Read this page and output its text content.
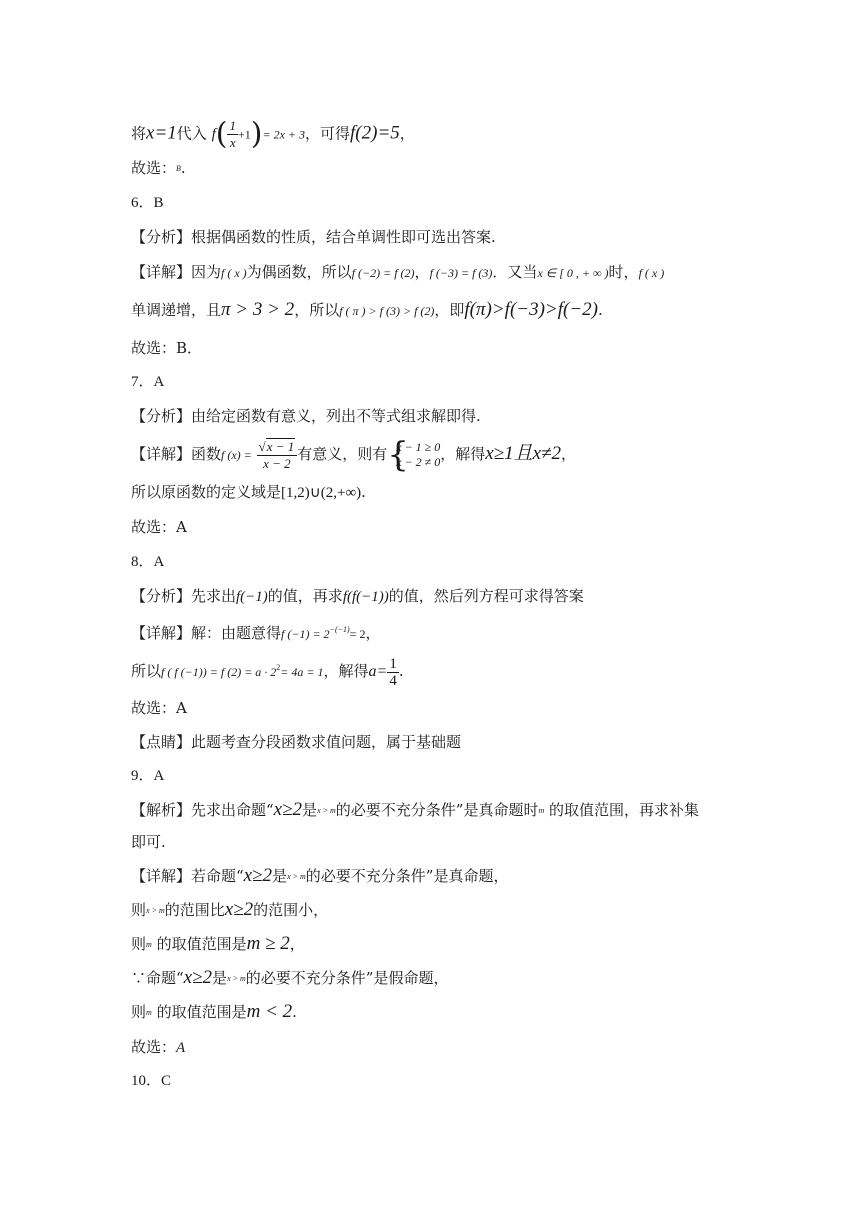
将x=1代入 $f( \frac{1}{x} +1)= 2x + 3$，可得f(2)=5，
故选：B.
6．B
【分析】根据偶函数的性质，结合单调性即可选出答案.
【详解】因为f ( x )为偶函数，所以f (−2) = f (2)，f (−3) = f (3)．又当x ∈ [ 0 , + ∞ )时，f ( x )
单调递增，且π > 3 > 2，所以f ( π ) > f (3) > f (2)，即f(π)>f(−3)>f(−2).
故选：B．
7．A
【分析】由给定函数有意义，列出不等式组求解即得.
【详解】函数f $(x) = \frac{√x - 1}{x - 2}$ 有意义，则有 {
x − 1 ≥ 0
x − 2 ≠ 0 ，解得x≥1且x≠2，
所以原函数的定义域是[1,2)∪(2,+∞).
故选：A
8．A
【分析】先求出f(−1)的值，再求f(f(−1))的值，然后列方程可求得答案
【详解】解：由题意得f $(-1) = 2^{-(-1)}= 2$，
所以f ( f (−1)) = f $(2) = a \cdot 2^2= 4a = 1$，解得$a= \frac{1}{4}$ .
故选：A
【点睛】此题考查分段函数求值问题，属于基础题
9．A
【解析】先求出命题“x≥2是x > m的必要不充分条件”是真命题时m 的取值范围，再求补集
即可.
【详解】若命题“x≥2是x > m的必要不充分条件”是真命题，
则x > m的范围比x≥2的范围小，
则m 的取值范围是m ≥ 2，
∵命题“x≥2是x > m的必要不充分条件”是假命题，
则m 的取值范围是m < 2.
故选：A
10．C
